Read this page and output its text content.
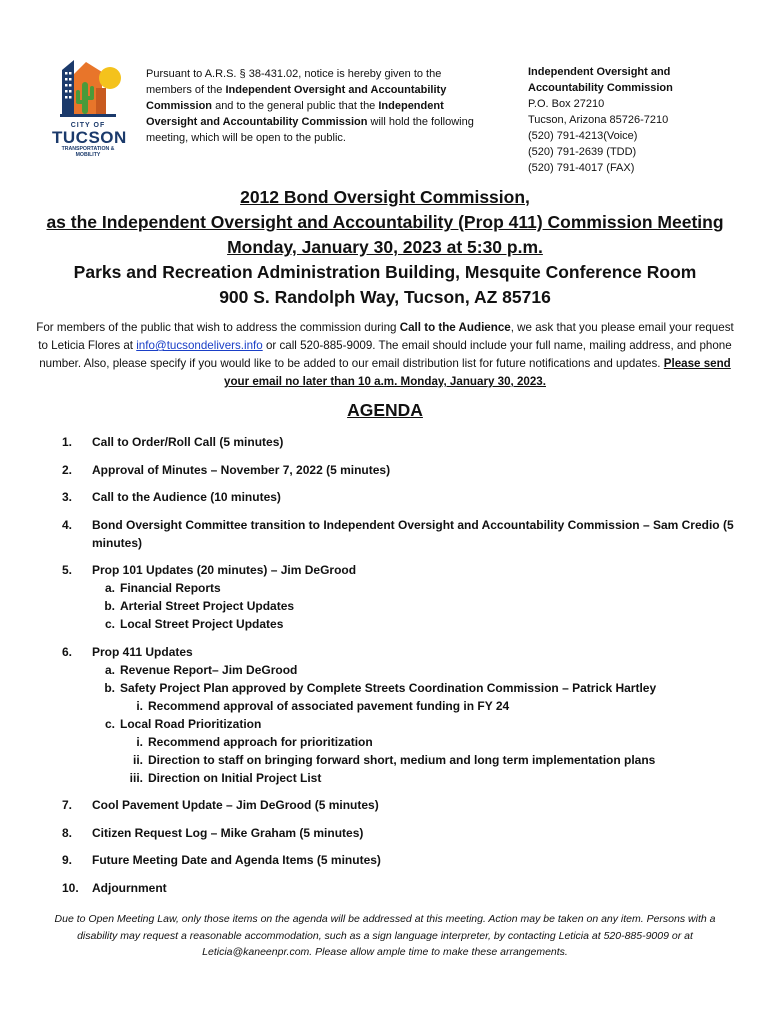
CITY OF
TUCSON
TRANSPORTATION &
MOBILITY
Pursuant to A.R.S. § 38-431.02, notice is hereby given to the members of the Independent Oversight and Accountability Commission and to the general public that the Independent Oversight and Accountability Commission will hold the following meeting, which will be open to the public.
Independent Oversight and
Accountability Commission
P.O. Box 27210
Tucson, Arizona 85726-7210
(520) 791-4213(Voice)
(520) 791-2639 (TDD)
(520) 791-4017 (FAX)
2012 Bond Oversight Commission,
as the Independent Oversight and Accountability (Prop 411) Commission Meeting
Monday, January 30, 2023 at 5:30 p.m.
Parks and Recreation Administration Building, Mesquite Conference Room
900 S. Randolph Way, Tucson, AZ 85716
For members of the public that wish to address the commission during Call to the Audience, we ask that you please email your request to Leticia Flores at info@tucsondelivers.info or call 520-885-9009. The email should include your full name, mailing address, and phone number. Also, please specify if you would like to be added to our email distribution list for future notifications and updates. Please send your email no later than 10 a.m. Monday, January 30, 2023.
AGENDA
1.	Call to Order/Roll Call (5 minutes)
2.	Approval of Minutes – November 7, 2022 (5 minutes)
3.	Call to the Audience (10 minutes)
4.	Bond Oversight Committee transition to Independent Oversight and Accountability Commission – Sam Credio (5 minutes)
5.	Prop 101 Updates (20 minutes) – Jim DeGrood
a. Financial Reports
b. Arterial Street Project Updates
c. Local Street Project Updates
6.	Prop 411 Updates
a. Revenue Report– Jim DeGrood
b. Safety Project Plan approved by Complete Streets Coordination Commission – Patrick Hartley
i. Recommend approval of associated pavement funding in FY 24
c. Local Road Prioritization
i. Recommend approach for prioritization
ii. Direction to staff on bringing forward short, medium and long term implementation plans
iii. Direction on Initial Project List
7.	Cool Pavement Update – Jim DeGrood (5 minutes)
8.	Citizen Request Log – Mike Graham (5 minutes)
9.	Future Meeting Date and Agenda Items (5 minutes)
10.	Adjournment
Due to Open Meeting Law, only those items on the agenda will be addressed at this meeting. Action may be taken on any item. Persons with a disability may request a reasonable accommodation, such as a sign language interpreter, by contacting Leticia at 520-885-9009 or at Leticia@kaneenpr.com. Please allow ample time to make these arrangements.
